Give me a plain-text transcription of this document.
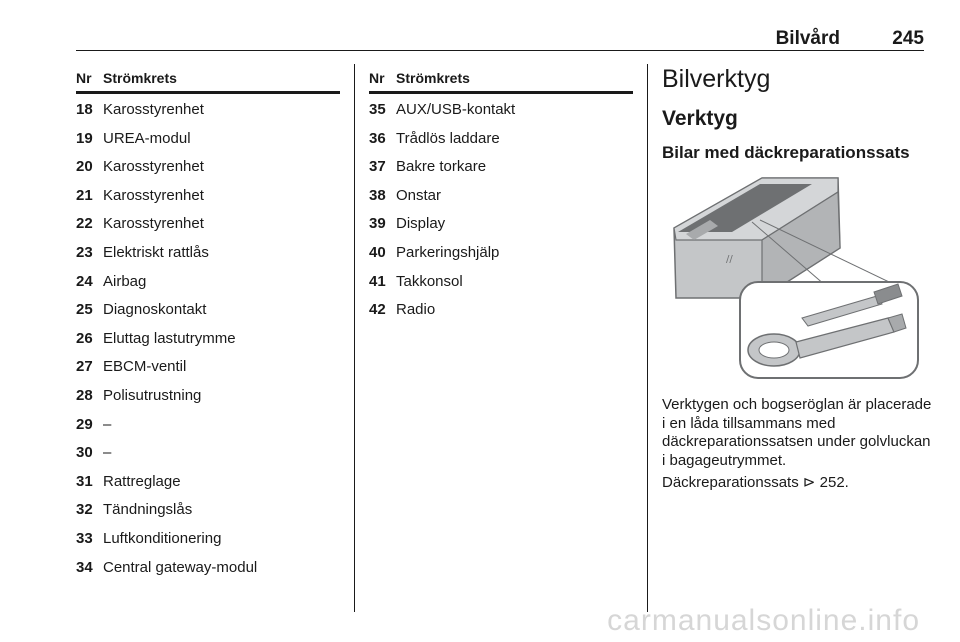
Bilvård	245
Nr Strömkrets
18 Karosstyrenhet
19 UREA-modul
20 Karosstyrenhet
21 Karosstyrenhet
22 Karosstyrenhet
23 Elektriskt rattlås
24 Airbag
25 Diagnoskontakt
26 Eluttag lastutrymme
27 EBCM-ventil
28 Polisutrustning
29 –
30 –
31 Rattreglage
32 Tändningslås
33 Luftkonditionering
34 Central gateway-modul
Nr Strömkrets
35 AUX/USB-kontakt
36 Trådlös laddare
37 Bakre torkare
38 Onstar
39 Display
40 Parkeringshjälp
41 Takkonsol
42 Radio
Bilverktyg
Verktyg
Bilar med däckreparationssats
//
Verktygen och bogseröglan är placerade i en låda tillsammans med däckreparationssatsen under golvluckan i bagageutrymmet.
Däckreparationssats ⊳ 252.
carmanualsonline.info
